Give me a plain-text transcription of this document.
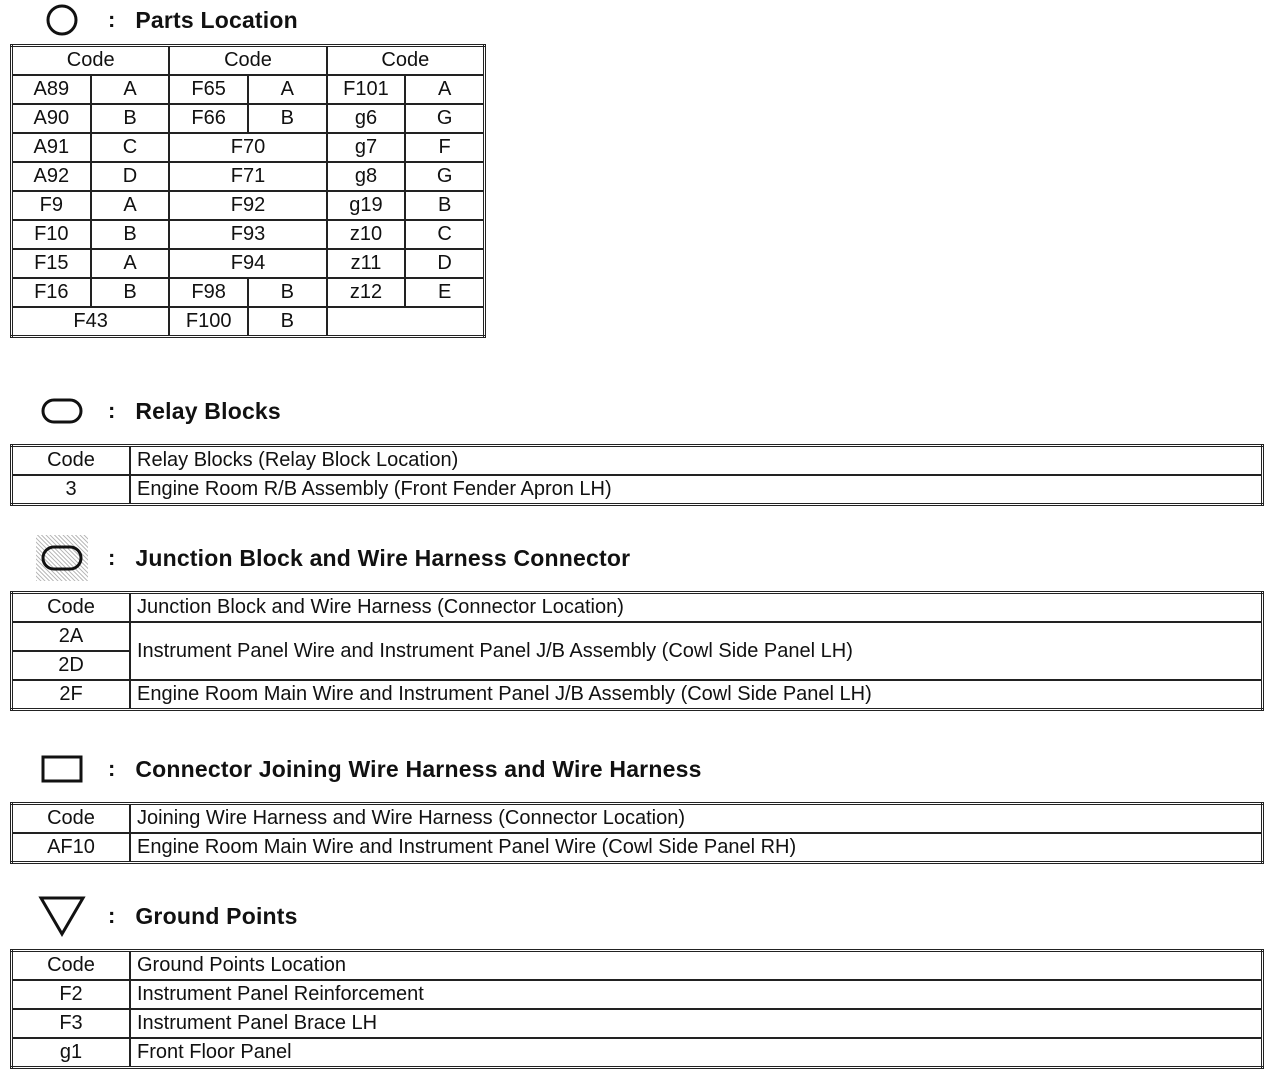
: Parts Location
Code		Code		Code	
A89	A	F65	A	F101	A
A90	B	F66	B	g6	G
A91	C	F70		g7	F
A92	D	F71		g8	G
F9	A	F92		g19	B
F10	B	F93		z10	C
F15	A	F94		z11	D
F16	B	F98	B	z12	E
F43		F100	B		
: Relay Blocks
Code	Relay Blocks (Relay Block Location)
3	Engine Room R/B Assembly (Front Fender Apron LH)
: Junction Block and Wire Harness Connector
Code	Junction Block and Wire Harness (Connector Location)
2A	Instrument Panel Wire and Instrument Panel J/B Assembly (Cowl Side Panel LH)
2D	
2F	Engine Room Main Wire and Instrument Panel J/B Assembly (Cowl Side Panel LH)
: Connector Joining Wire Harness and Wire Harness
Code	Joining Wire Harness and Wire Harness (Connector Location)
AF10	Engine Room Main Wire and Instrument Panel Wire (Cowl Side Panel RH)
: Ground Points
Code	Ground Points Location
F2	Instrument Panel Reinforcement
F3	Instrument Panel Brace LH
g1	Front Floor Panel
